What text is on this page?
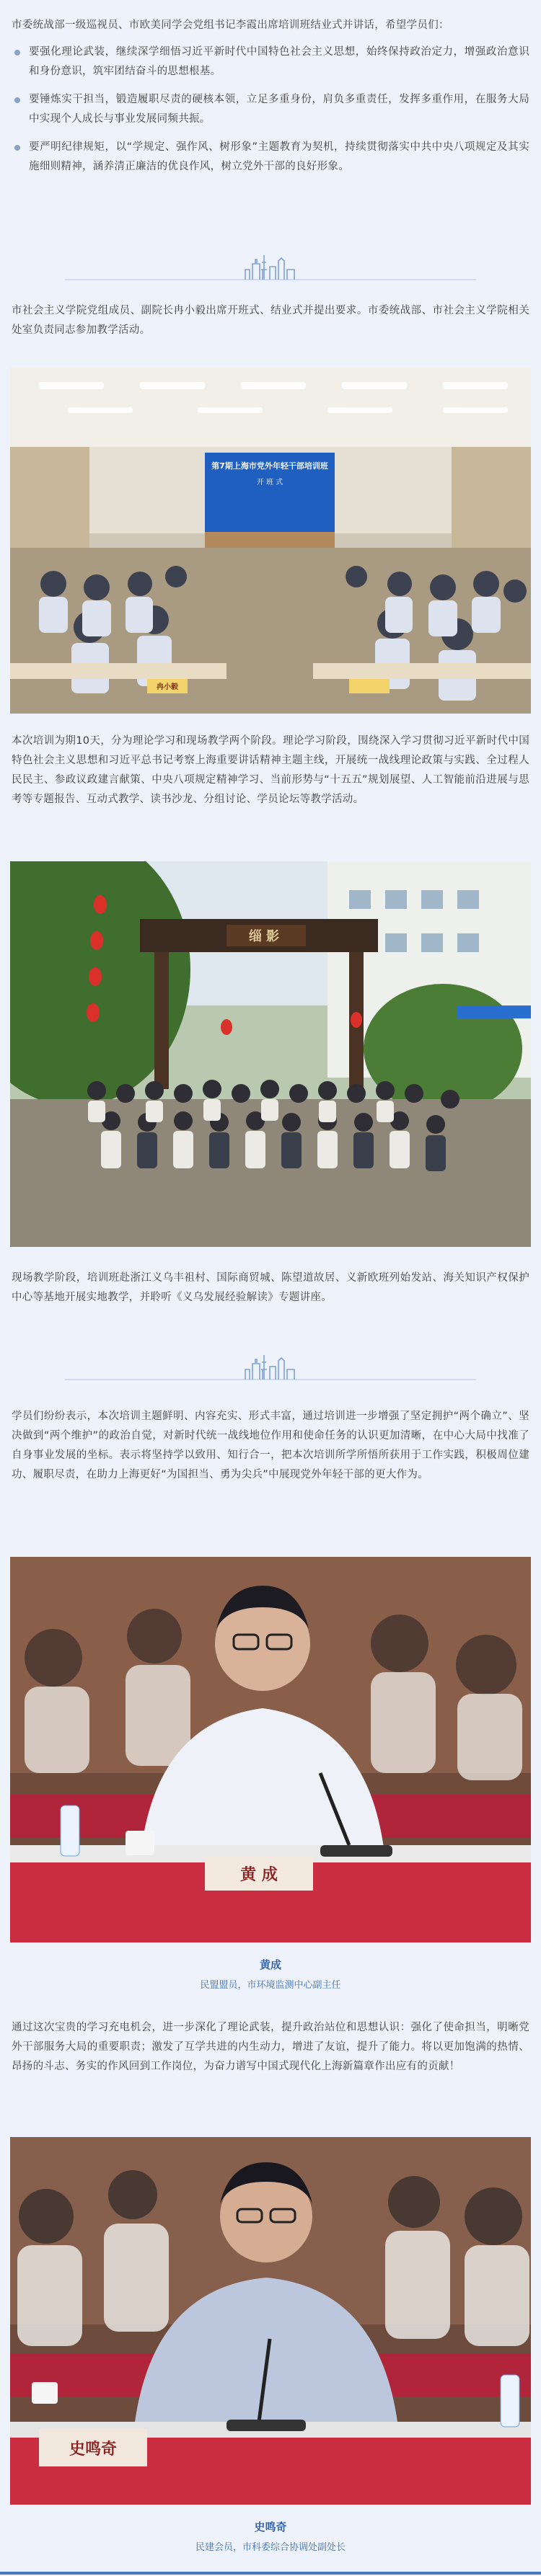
市委统战部一级巡视员、市欧美同学会党组书记李霞出席培训班结业式并讲话，希望学员们：

要强化理论武装，继续深学细悟习近平新时代中国特色社会主义思想，始终保持政治定力，增强政治意识和身份意识，筑牢团结奋斗的思想根基。
要锤炼实干担当，锻造履职尽责的硬核本领，立足多重身份，肩负多重责任，发挥多重作用，在服务大局中实现个人成长与事业发展同频共振。
要严明纪律规矩，以“学规定、强作风、树形象”主题教育为契机，持续贯彻落实中共中央八项规定及其实施细则精神，涵养清正廉洁的优良作风，树立党外干部的良好形象。

市社会主义学院党组成员、副院长冉小毅出席开班式、结业式并提出要求。市委统战部、市社会主义学院相关处室负责同志参加教学活动。

第7期上海市党外年轻干部培训班
开 班 式
冉小毅

本次培训为期10天，分为理论学习和现场教学两个阶段。理论学习阶段，围绕深入学习贯彻习近平新时代中国特色社会主义思想和习近平总书记考察上海重要讲话精神主题主线，开展统一战线理论政策与实践、全过程人民民主、参政议政建言献策、中央八项规定精神学习、当前形势与“十五五”规划展望、人工智能前沿进展与思考等专题报告、互动式教学、读书沙龙、分组讨论、学员论坛等教学活动。

缁影

现场教学阶段，培训班赴浙江义乌丰祖村、国际商贸城、陈望道故居、义新欧班列始发站、海关知识产权保护中心等基地开展实地教学，并聆听《义乌发展经验解读》专题讲座。

学员们纷纷表示，本次培训主题鲜明、内容充实、形式丰富，通过培训进一步增强了坚定拥护“两个确立”、坚决做到“两个维护”的政治自觉，对新时代统一战线地位作用和使命任务的认识更加清晰，在中心大局中找准了自身事业发展的坐标。表示将坚持学以致用、知行合一，把本次培训所学所悟所获用于工作实践，积极周位建功、履职尽责，在助力上海更好“为国担当、勇为尖兵”中展现党外年轻干部的更大作为。

黄 成
黄成
民盟盟员，市环境监测中心副主任

通过这次宝贵的学习充电机会，进一步深化了理论武装，提升政治站位和思想认识：强化了使命担当，明晰党外干部服务大局的重要职责；激发了互学共进的内生动力，增进了友谊，提升了能力。将以更加饱满的热情、昂扬的斗志、务实的作风回到工作岗位，为奋力谱写中国式现代化上海新篇章作出应有的贡献！

史鸣奇
史鸣奇
民建会员，市科委综合协调处副处长
